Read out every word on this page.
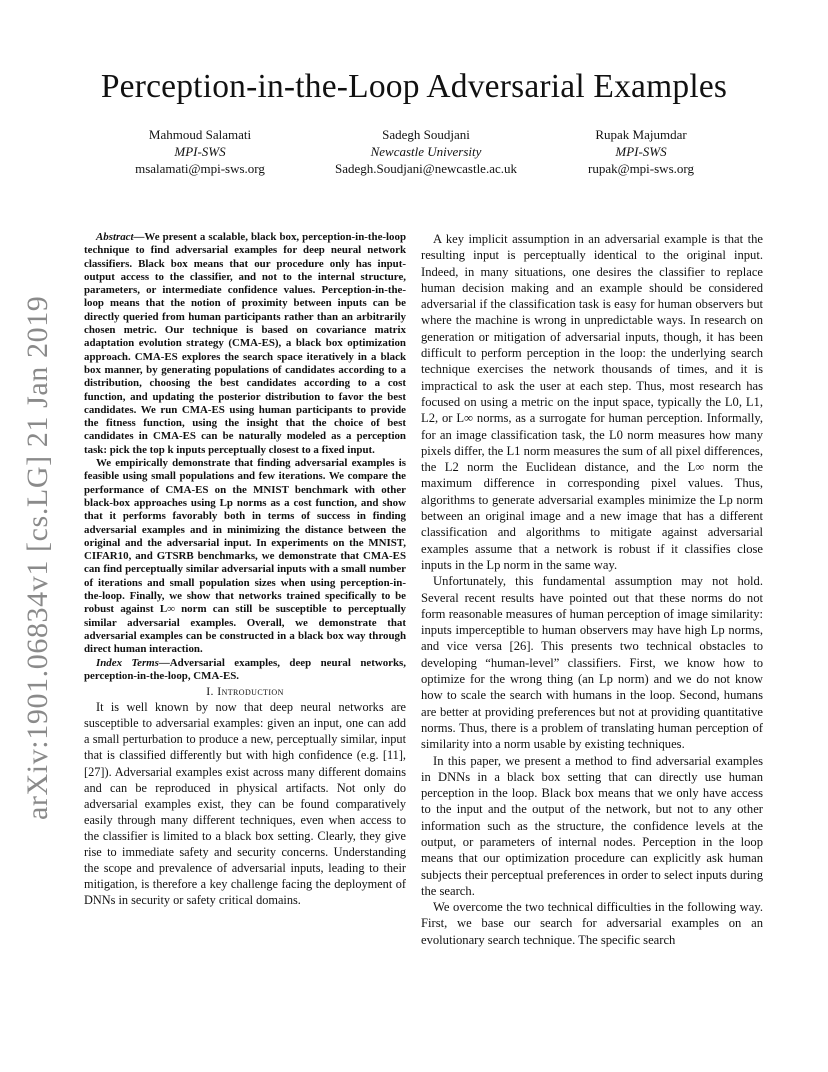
arXiv:1901.06834v1 [cs.LG] 21 Jan 2019
Perception-in-the-Loop Adversarial Examples
Mahmoud Salamati
MPI-SWS
msalamati@mpi-sws.org
Sadegh Soudjani
Newcastle University
Sadegh.Soudjani@newcastle.ac.uk
Rupak Majumdar
MPI-SWS
rupak@mpi-sws.org

Abstract—We present a scalable, black box, perception-in-the-loop technique to find adversarial examples for deep neural network classifiers. Black box means that our procedure only has input-output access to the classifier, and not to the internal structure, parameters, or intermediate confidence values. Perception-in-the-loop means that the notion of proximity between inputs can be directly queried from human participants rather than an arbitrarily chosen metric. Our technique is based on covariance matrix adaptation evolution strategy (CMA-ES), a black box optimization approach. CMA-ES explores the search space iteratively in a black box manner, by generating populations of candidates according to a distribution, choosing the best candidates according to a cost function, and updating the posterior distribution to favor the best candidates. We run CMA-ES using human participants to provide the fitness function, using the insight that the choice of best candidates in CMA-ES can be naturally modeled as a perception task: pick the top k inputs perceptually closest to a fixed input.

We empirically demonstrate that finding adversarial examples is feasible using small populations and few iterations. We compare the performance of CMA-ES on the MNIST benchmark with other black-box approaches using Lp norms as a cost function, and show that it performs favorably both in terms of success in finding adversarial examples and in minimizing the distance between the original and the adversarial input. In experiments on the MNIST, CIFAR10, and GTSRB benchmarks, we demonstrate that CMA-ES can find perceptually similar adversarial inputs with a small number of iterations and small population sizes when using perception-in-the-loop. Finally, we show that networks trained specifically to be robust against L∞ norm can still be susceptible to perceptually similar adversarial examples. Overall, we demonstrate that adversarial examples can be constructed in a black box way through direct human interaction.

Index Terms—Adversarial examples, deep neural networks, perception-in-the-loop, CMA-ES.

I. Introduction

It is well known by now that deep neural networks are susceptible to adversarial examples: given an input, one can add a small perturbation to produce a new, perceptually similar, input that is classified differently but with high confidence (e.g. [11], [27]). Adversarial examples exist across many different domains and can be reproduced in physical artifacts. Not only do adversarial examples exist, they can be found comparatively easily through many different techniques, even when access to the classifier is limited to a black box setting. Clearly, they give rise to immediate safety and security concerns. Understanding the scope and prevalence of adversarial inputs, leading to their mitigation, is therefore a key challenge facing the deployment of DNNs in security or safety critical domains.

A key implicit assumption in an adversarial example is that the resulting input is perceptually identical to the original input. Indeed, in many situations, one desires the classifier to replace human decision making and an example should be considered adversarial if the classification task is easy for human observers but where the machine is wrong in unpredictable ways. In research on generation or mitigation of adversarial inputs, though, it has been difficult to perform perception in the loop: the underlying search technique exercises the network thousands of times, and it is impractical to ask the user at each step. Thus, most research has focused on using a metric on the input space, typically the L0, L1, L2, or L∞ norms, as a surrogate for human perception. Informally, for an image classification task, the L0 norm measures how many pixels differ, the L1 norm measures the sum of all pixel differences, the L2 norm the Euclidean distance, and the L∞ norm the maximum difference in corresponding pixel values. Thus, algorithms to generate adversarial examples minimize the Lp norm between an original image and a new image that has a different classification and algorithms to mitigate against adversarial examples assume that a network is robust if it classifies close inputs in the Lp norm in the same way.

Unfortunately, this fundamental assumption may not hold. Several recent results have pointed out that these norms do not form reasonable measures of human perception of image similarity: inputs imperceptible to human observers may have high Lp norms, and vice versa [26]. This presents two technical obstacles to developing “human-level” classifiers. First, we know how to optimize for the wrong thing (an Lp norm) and we do not know how to scale the search with humans in the loop. Second, humans are better at providing preferences but not at providing quantitative norms. Thus, there is a problem of translating human perception of similarity into a norm usable by existing techniques.

In this paper, we present a method to find adversarial examples in DNNs in a black box setting that can directly use human perception in the loop. Black box means that we only have access to the input and the output of the network, but not to any other information such as the structure, the confidence levels at the output, or parameters of internal nodes. Perception in the loop means that our optimization procedure can explicitly ask human subjects their perceptual preferences in order to select inputs during the search.

We overcome the two technical difficulties in the following way. First, we base our search for adversarial examples on an evolutionary search technique. The specific search
